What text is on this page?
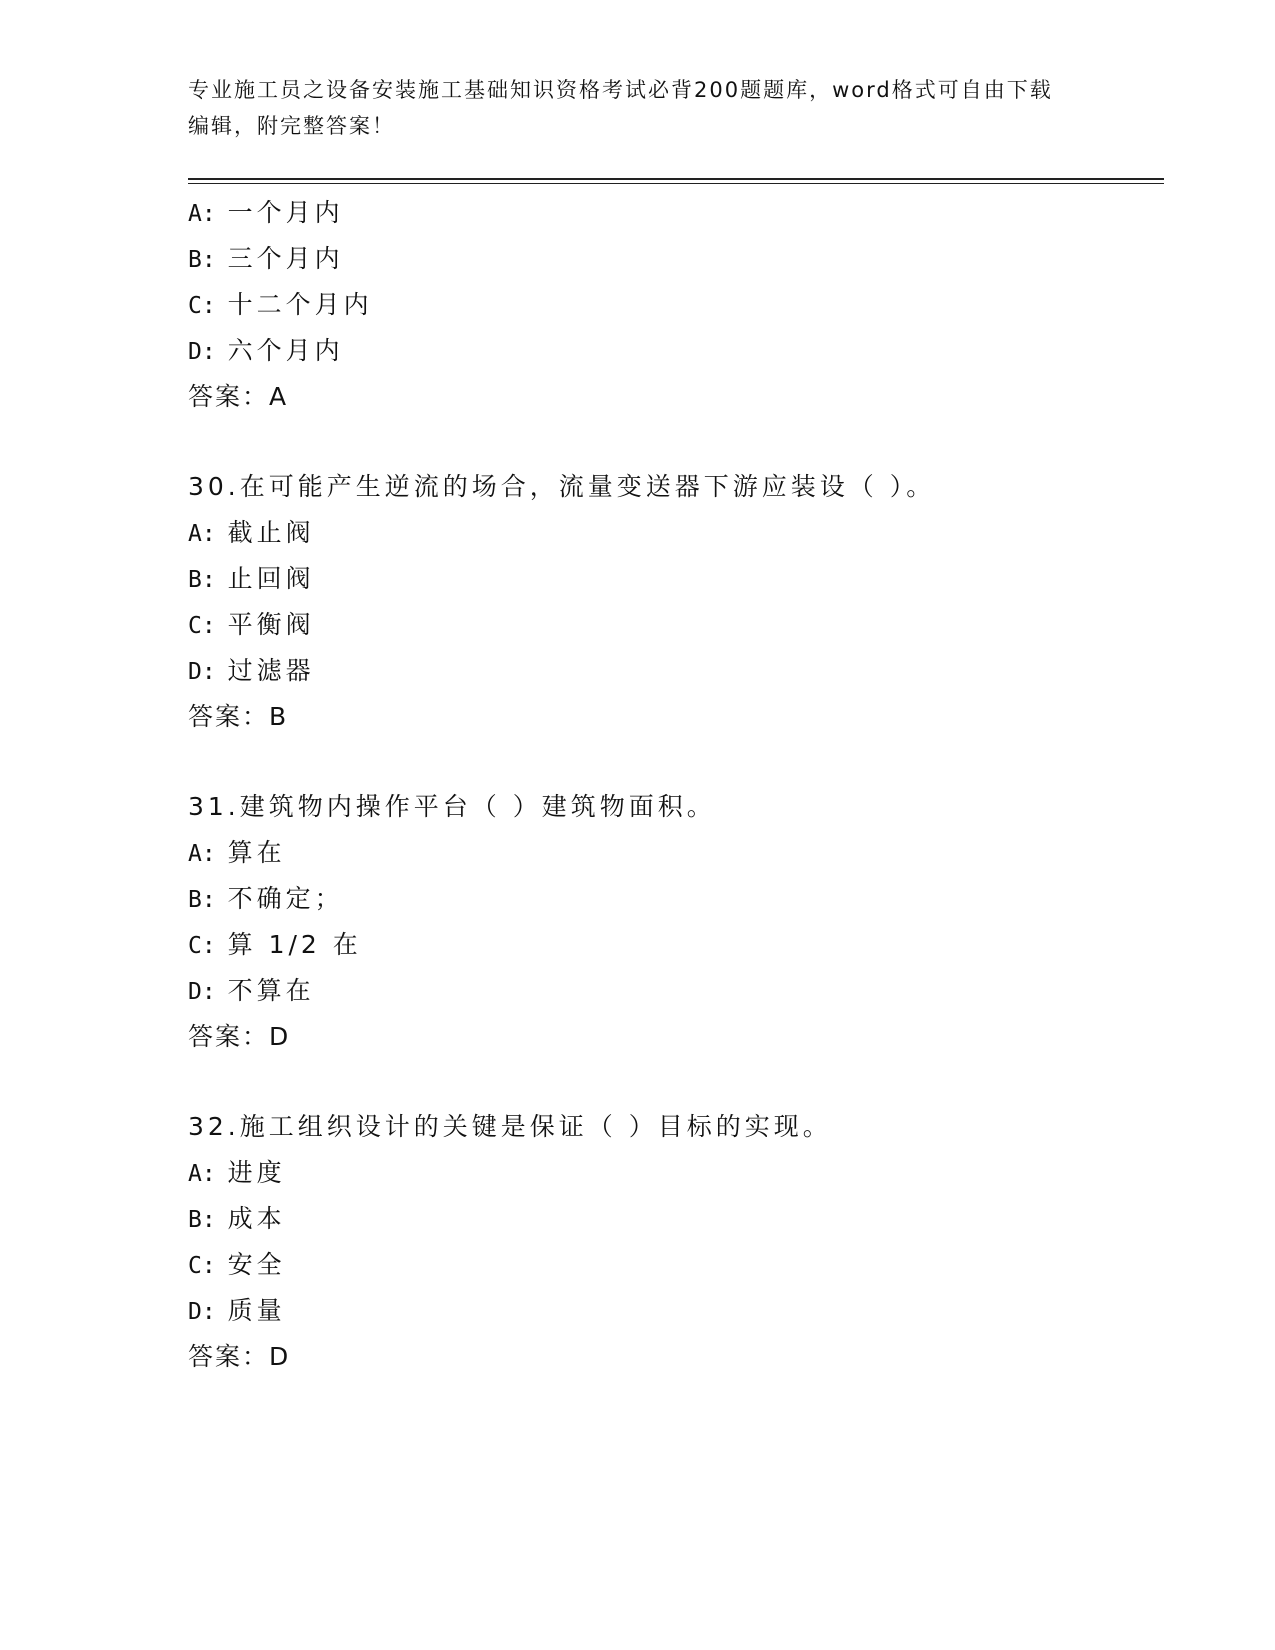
专业施工员之设备安装施工基础知识资格考试必背200题题库，word格式可自由下载编辑，附完整答案！
A: 一个月内
B: 三个月内
C: 十二个月内
D: 六个月内
答案：A
30.在可能产生逆流的场合，流量变送器下游应装设（ ）。
A: 截止阀
B: 止回阀
C: 平衡阀
D: 过滤器
答案：B
31.建筑物内操作平台（ ）建筑物面积。
A: 算在
B: 不确定；
C: 算 1/2 在
D: 不算在
答案：D
32.施工组织设计的关键是保证（ ）目标的实现。
A: 进度
B: 成本
C: 安全
D: 质量
答案：D
